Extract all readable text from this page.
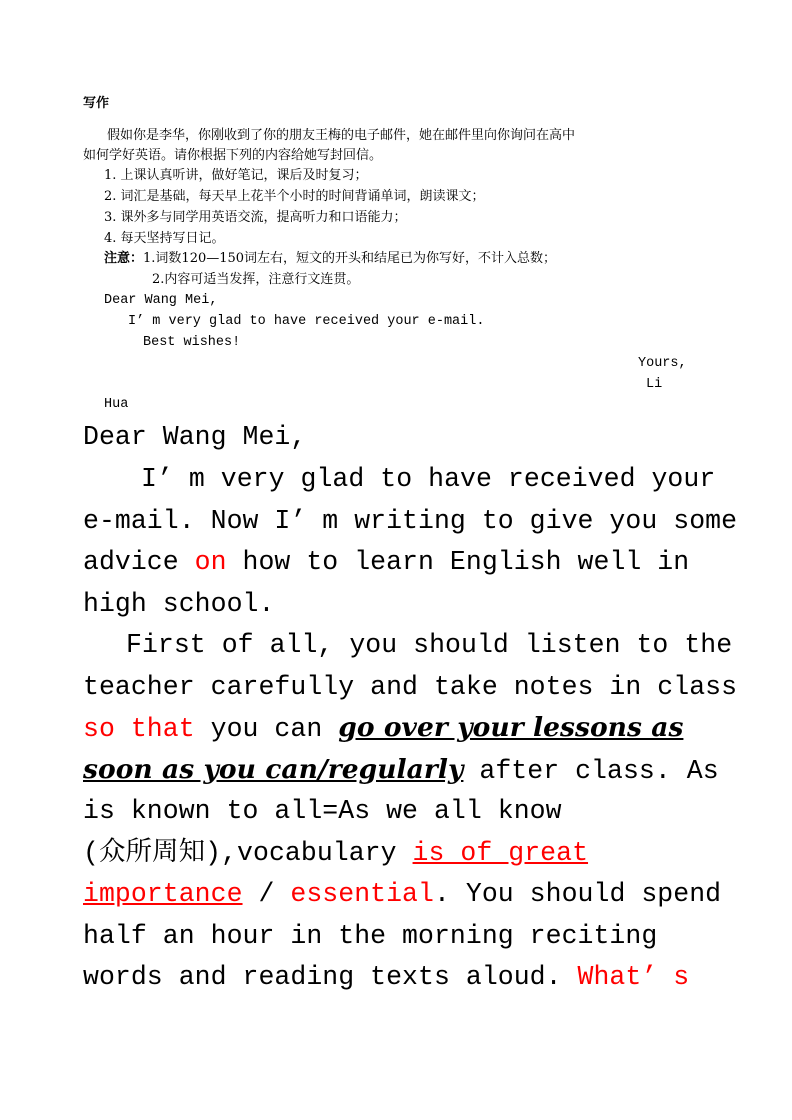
写作
假如你是李华，你刚收到了你的朋友王梅的电子邮件，她在邮件里向你询问在高中
如何学好英语。请你根据下列的内容给她写封回信。
1. 上课认真听讲，做好笔记，课后及时复习；
2. 词汇是基础，每天早上花半个小时的时间背诵单词，朗读课文；
3. 课外多与同学用英语交流，提高听力和口语能力；
4. 每天坚持写日记。
注意：1.词数120—150词左右，短文的开头和结尾已为你写好，不计入总数；
2.内容可适当发挥，注意行文连贯。
Dear Wang Mei,
I’ m very glad to have received your e-mail.
Best wishes!
Yours,
Li
Hua
Dear Wang Mei,
I’ m very glad to have received your
e-mail. Now I’ m writing to give you some
advice on how to learn English well in
high school.
First of all, you should listen to the
teacher carefully and take notes in class
so that you can go over your lessons as
soon as you can/regularly after class. As
is known to all=As we all know
(众所周知),vocabulary is of great
importance / essential. You should spend
half an hour in the morning reciting
words and reading texts aloud. What’ s
